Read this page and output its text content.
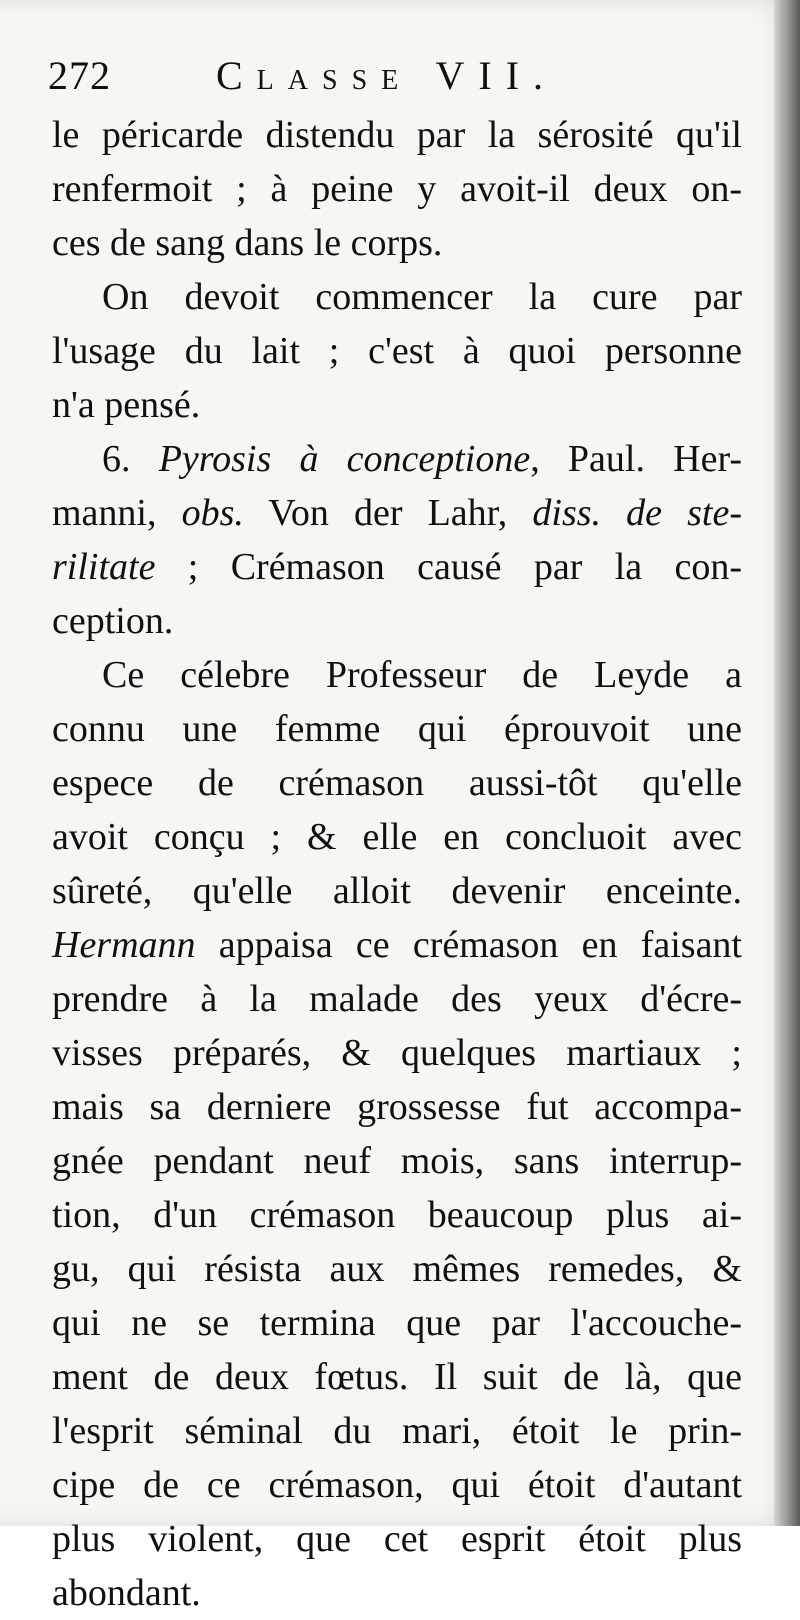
272	Classe VII.
le péricarde distendu par la sérosité qu'il
renfermoit ; à peine y avoit-il deux on-
ces de sang dans le corps.
On devoit commencer la cure par
l'usage du lait ; c'est à quoi personne
n'a pensé.
6. Pyrosis à conceptione, Paul. Her-
manni, obs. Von der Lahr, diss. de ste-
rilitate ; Crémason causé par la con-
ception.
Ce célebre Professeur de Leyde a
connu une femme qui éprouvoit une
espece de crémason aussi-tôt qu'elle
avoit conçu ; & elle en concluoit avec
sûreté, qu'elle alloit devenir enceinte.
Hermann appaisa ce crémason en faisant
prendre à la malade des yeux d'écre-
visses préparés, & quelques martiaux ;
mais sa derniere grossesse fut accompa-
gnée pendant neuf mois, sans interrup-
tion, d'un crémason beaucoup plus ai-
gu, qui résista aux mêmes remedes, &
qui ne se termina que par l'accouche-
ment de deux fœtus. Il suit de là, que
l'esprit séminal du mari, étoit le prin-
cipe de ce crémason, qui étoit d'autant
plus violent, que cet esprit étoit plus
abondant.
